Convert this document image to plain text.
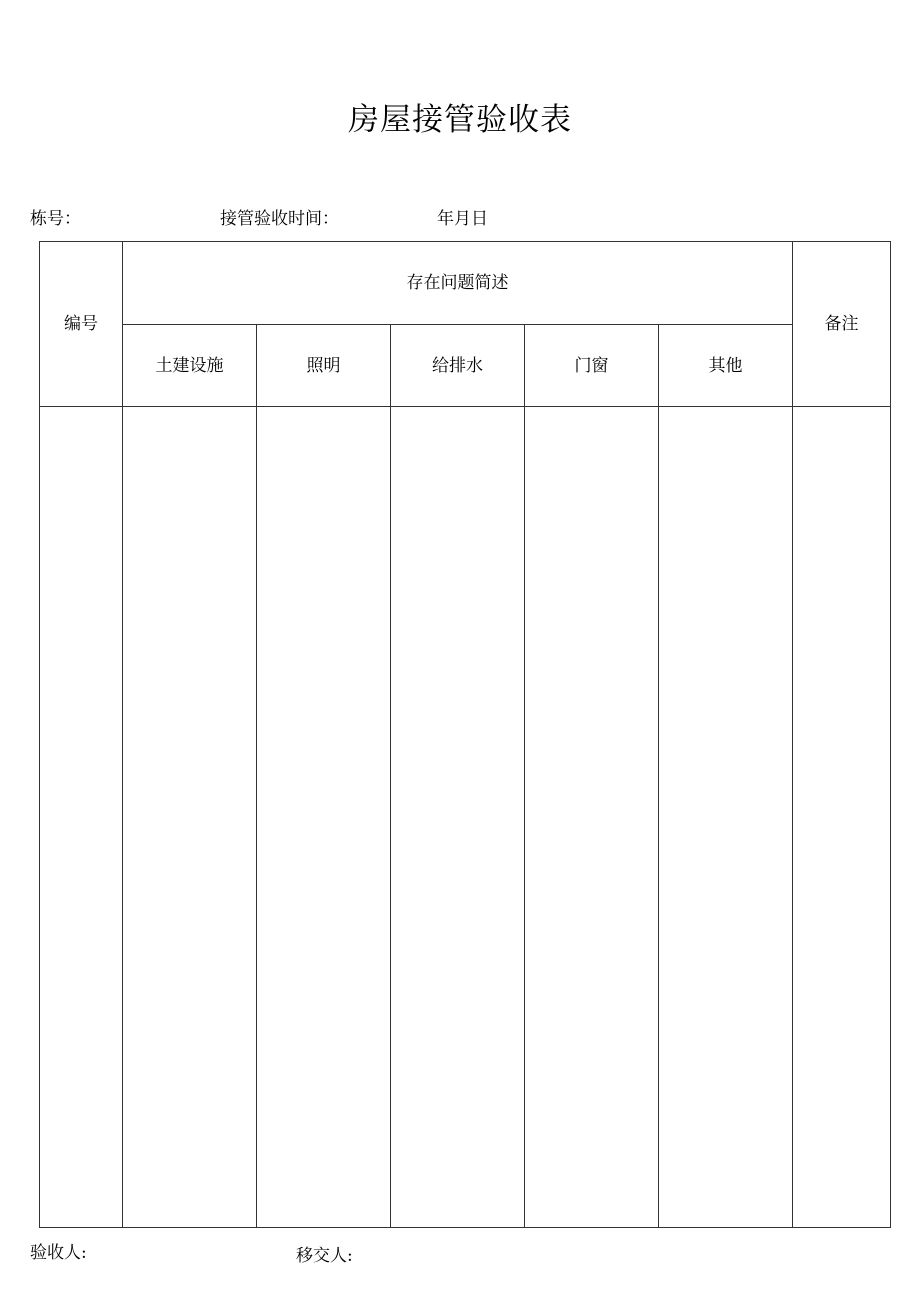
房屋接管验收表
栋号：	接管验收时间：	年月日
编号	存在问题简述					备注
	土建设施	照明	给排水	门窗	其他	

验收人:	移交人:
